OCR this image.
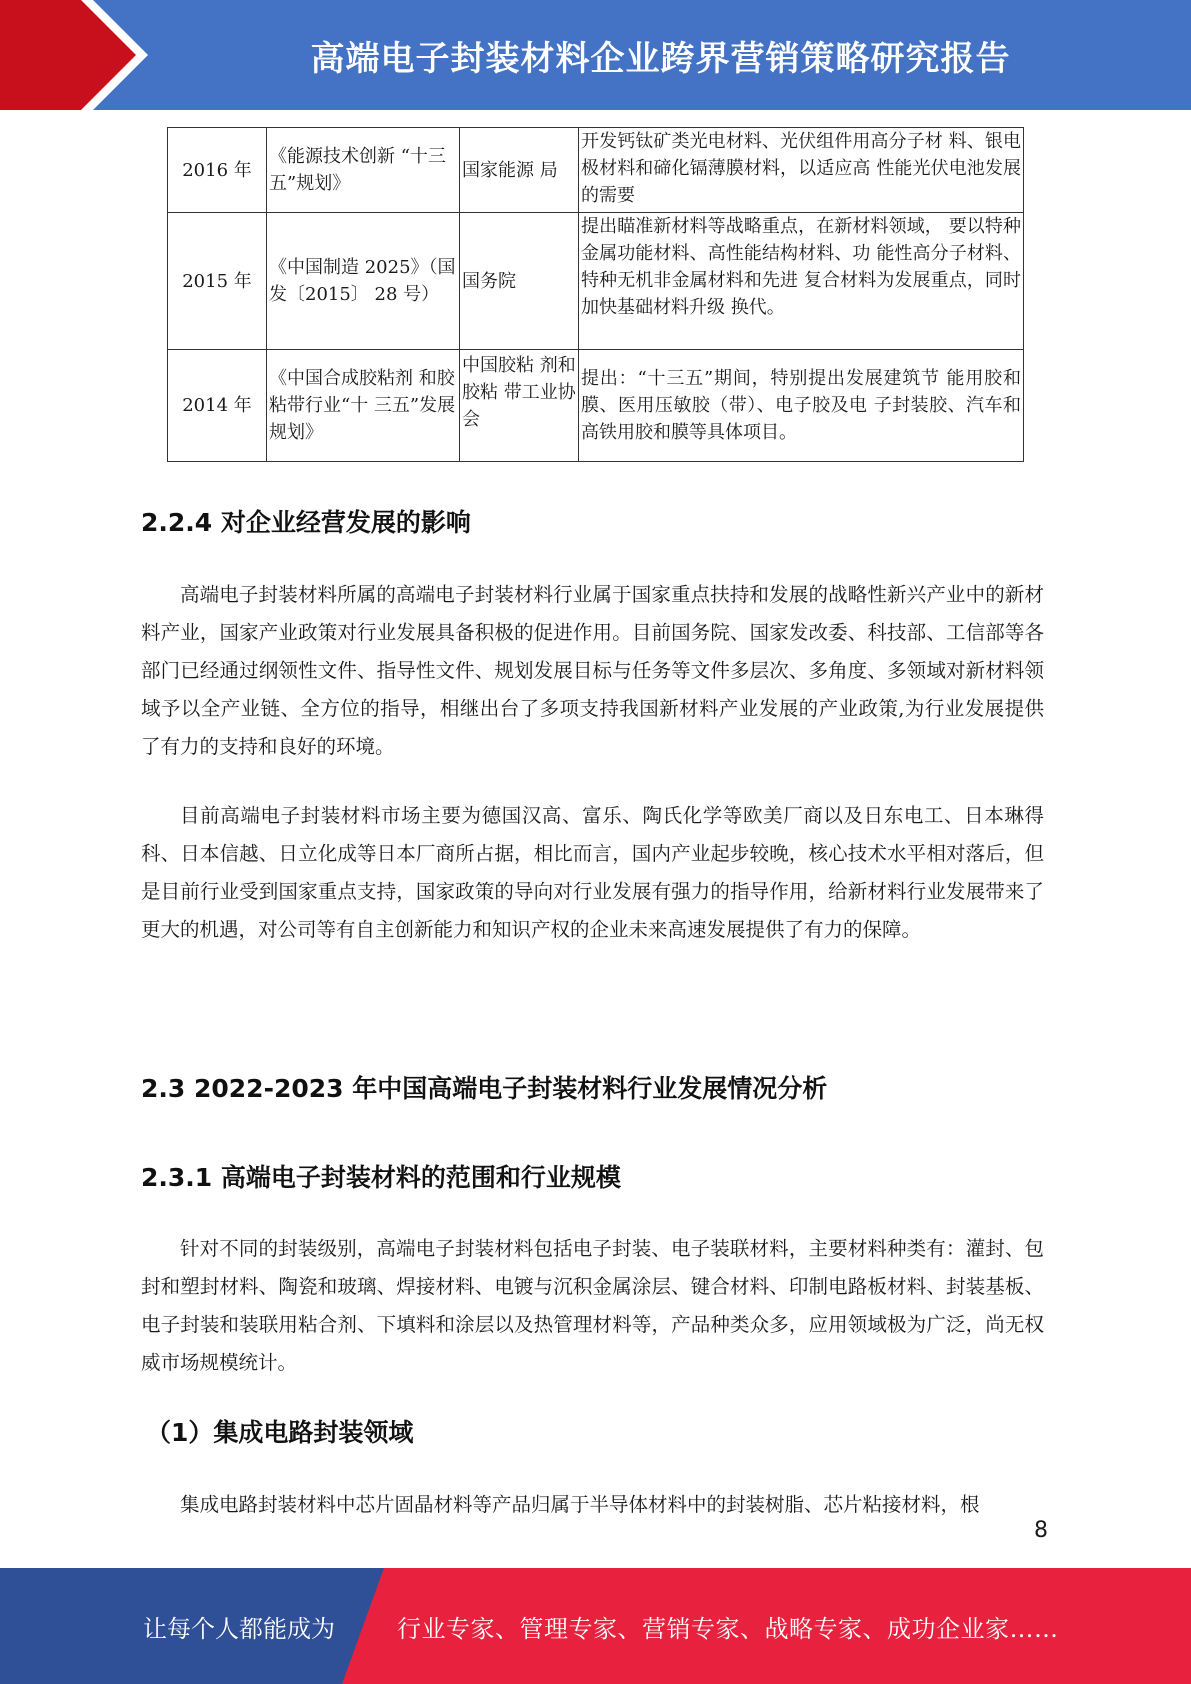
高端电子封装材料企业跨界营销策略研究报告
2016 年	《能源技术创新 “十三五”规划》	国家能源 局	开发钙钛矿类光电材料、光伏组件用高分子材 料、银电极材料和碲化镉薄膜材料，以适应高 性能光伏电池发展的需要
2015 年	《中国制造 2025》（国发〔2015〕 28 号）	国务院	提出瞄准新材料等战略重点，在新材料领域， 要以特种金属功能材料、高性能结构材料、功 能性高分子材料、特种无机非金属材料和先进 复合材料为发展重点，同时加快基础材料升级 换代。
2014 年	《中国合成胶粘剂 和胶粘带行业“十 三五”发展规划》	中国胶粘 剂和胶粘 带工业协 会	提出：“十三五”期间，特别提出发展建筑节 能用胶和膜、医用压敏胶（带）、电子胶及电 子封装胶、汽车和高铁用胶和膜等具体项目。
2.2.4 对企业经营发展的影响

高端电子封装材料所属的高端电子封装材料行业属于国家重点扶持和发展的战略性新兴产业中的新材料产业，国家产业政策对行业发展具备积极的促进作用。目前国务院、国家发改委、科技部、工信部等各部门已经通过纲领性文件、指导性文件、规划发展目标与任务等文件多层次、多角度、多领域对新材料领域予以全产业链、全方位的指导，相继出台了多项支持我国新材料产业发展的产业政策,为行业发展提供了有力的支持和良好的环境。

目前高端电子封装材料市场主要为德国汉高、富乐、陶氏化学等欧美厂商以及日东电工、日本琳得科、日本信越、日立化成等日本厂商所占据，相比而言，国内产业起步较晚，核心技术水平相对落后，但是目前行业受到国家重点支持，国家政策的导向对行业发展有强力的指导作用，给新材料行业发展带来了更大的机遇，对公司等有自主创新能力和知识产权的企业未来高速发展提供了有力的保障。

2.3 2022-2023 年中国高端电子封装材料行业发展情况分析
2.3.1 高端电子封装材料的范围和行业规模

针对不同的封装级别，高端电子封装材料包括电子封装、电子装联材料，主要材料种类有：灌封、包封和塑封材料、陶瓷和玻璃、焊接材料、电镀与沉积金属涂层、键合材料、印制电路板材料、封装基板、电子封装和装联用粘合剂、下填料和涂层以及热管理材料等，产品种类众多，应用领域极为广泛，尚无权威市场规模统计。

（1）集成电路封装领域

集成电路封装材料中芯片固晶材料等产品归属于半导体材料中的封装树脂、芯片粘接材料，根

8
让每个人都能成为	行业专家、管理专家、营销专家、战略专家、成功企业家……
